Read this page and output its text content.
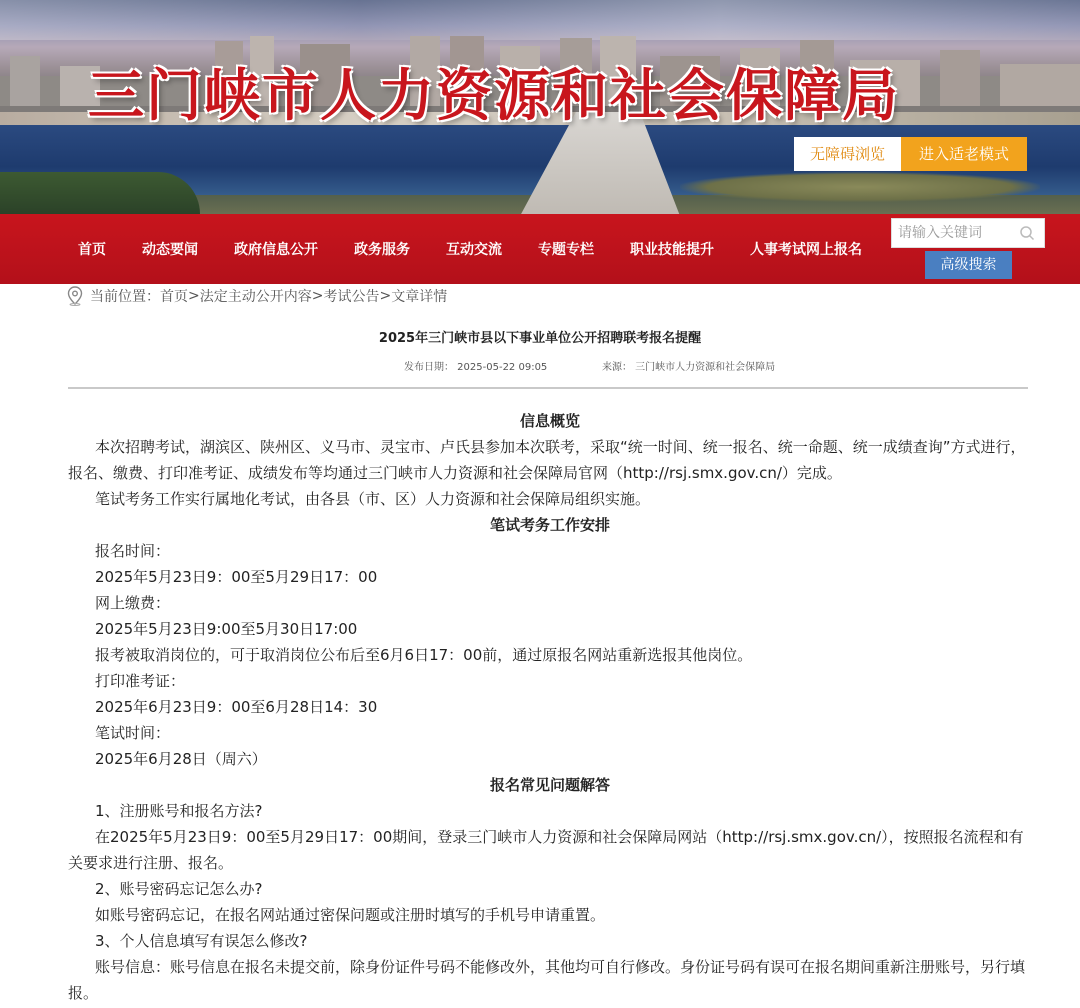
三门峡市人力资源和社会保障局
无障碍浏览	进入适老模式
首页	动态要闻	政府信息公开	政务服务	互动交流	专题专栏	职业技能提升	人事考试网上报名
请输入关键词
高级搜索
当前位置： 首页 > 法定主动公开内容 > 考试公告 > 文章详情
2025年三门峡市县以下事业单位公开招聘联考报名提醒
发布日期： 2025-05-22 09:05	来源： 三门峡市人力资源和社会保障局
信息概览
本次招聘考试，湖滨区、陕州区、义马市、灵宝市、卢氏县参加本次联考，采取“统一时间、统一报名、统一命题、统一成绩查询”方式进行，报名、缴费、打印准考证、成绩发布等均通过三门峡市人力资源和社会保障局官网（http://rsj.smx.gov.cn/）完成。
笔试考务工作实行属地化考试，由各县（市、区）人力资源和社会保障局组织实施。
笔试考务工作安排
报名时间：
2025年5月23日9：00至5月29日17：00
网上缴费：
2025年5月23日9:00至5月30日17:00
报考被取消岗位的，可于取消岗位公布后至6月6日17：00前，通过原报名网站重新选报其他岗位。
打印准考证：
2025年6月23日9：00至6月28日14：30
笔试时间：
2025年6月28日（周六）
报名常见问题解答
1、注册账号和报名方法?
在2025年5月23日9：00至5月29日17：00期间，登录三门峡市人力资源和社会保障局网站（http://rsj.smx.gov.cn/），按照报名流程和有关要求进行注册、报名。
2、账号密码忘记怎么办?
如账号密码忘记，在报名网站通过密保问题或注册时填写的手机号申请重置。
3、个人信息填写有误怎么修改?
账号信息：账号信息在报名未提交前，除身份证件号码不能修改外，其他均可自行修改。身份证号码有误可在报名期间重新注册账号，另行填报。
